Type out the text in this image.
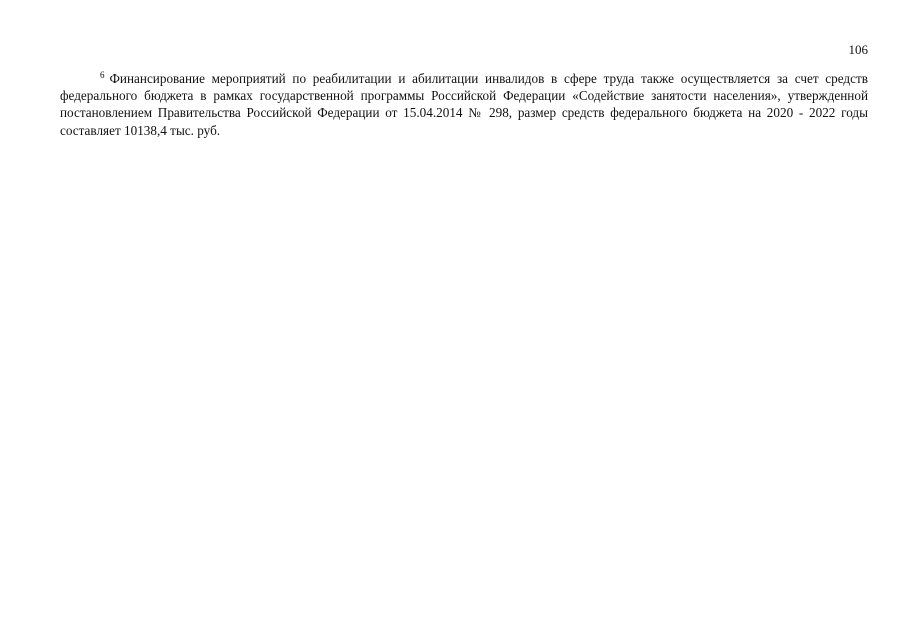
106

$^6$ Финансирование мероприятий по реабилитации и абилитации инвалидов в сфере труда также осуществляется за счет средств федерального бюджета в рамках государственной программы Российской Федерации «Содействие занятости населения», утвержденной постановлением Правительства Российской Федерации от 15.04.2014 № 298, размер средств федерального бюджета на 2020 - 2022 годы составляет 10138,4 тыс. руб.
